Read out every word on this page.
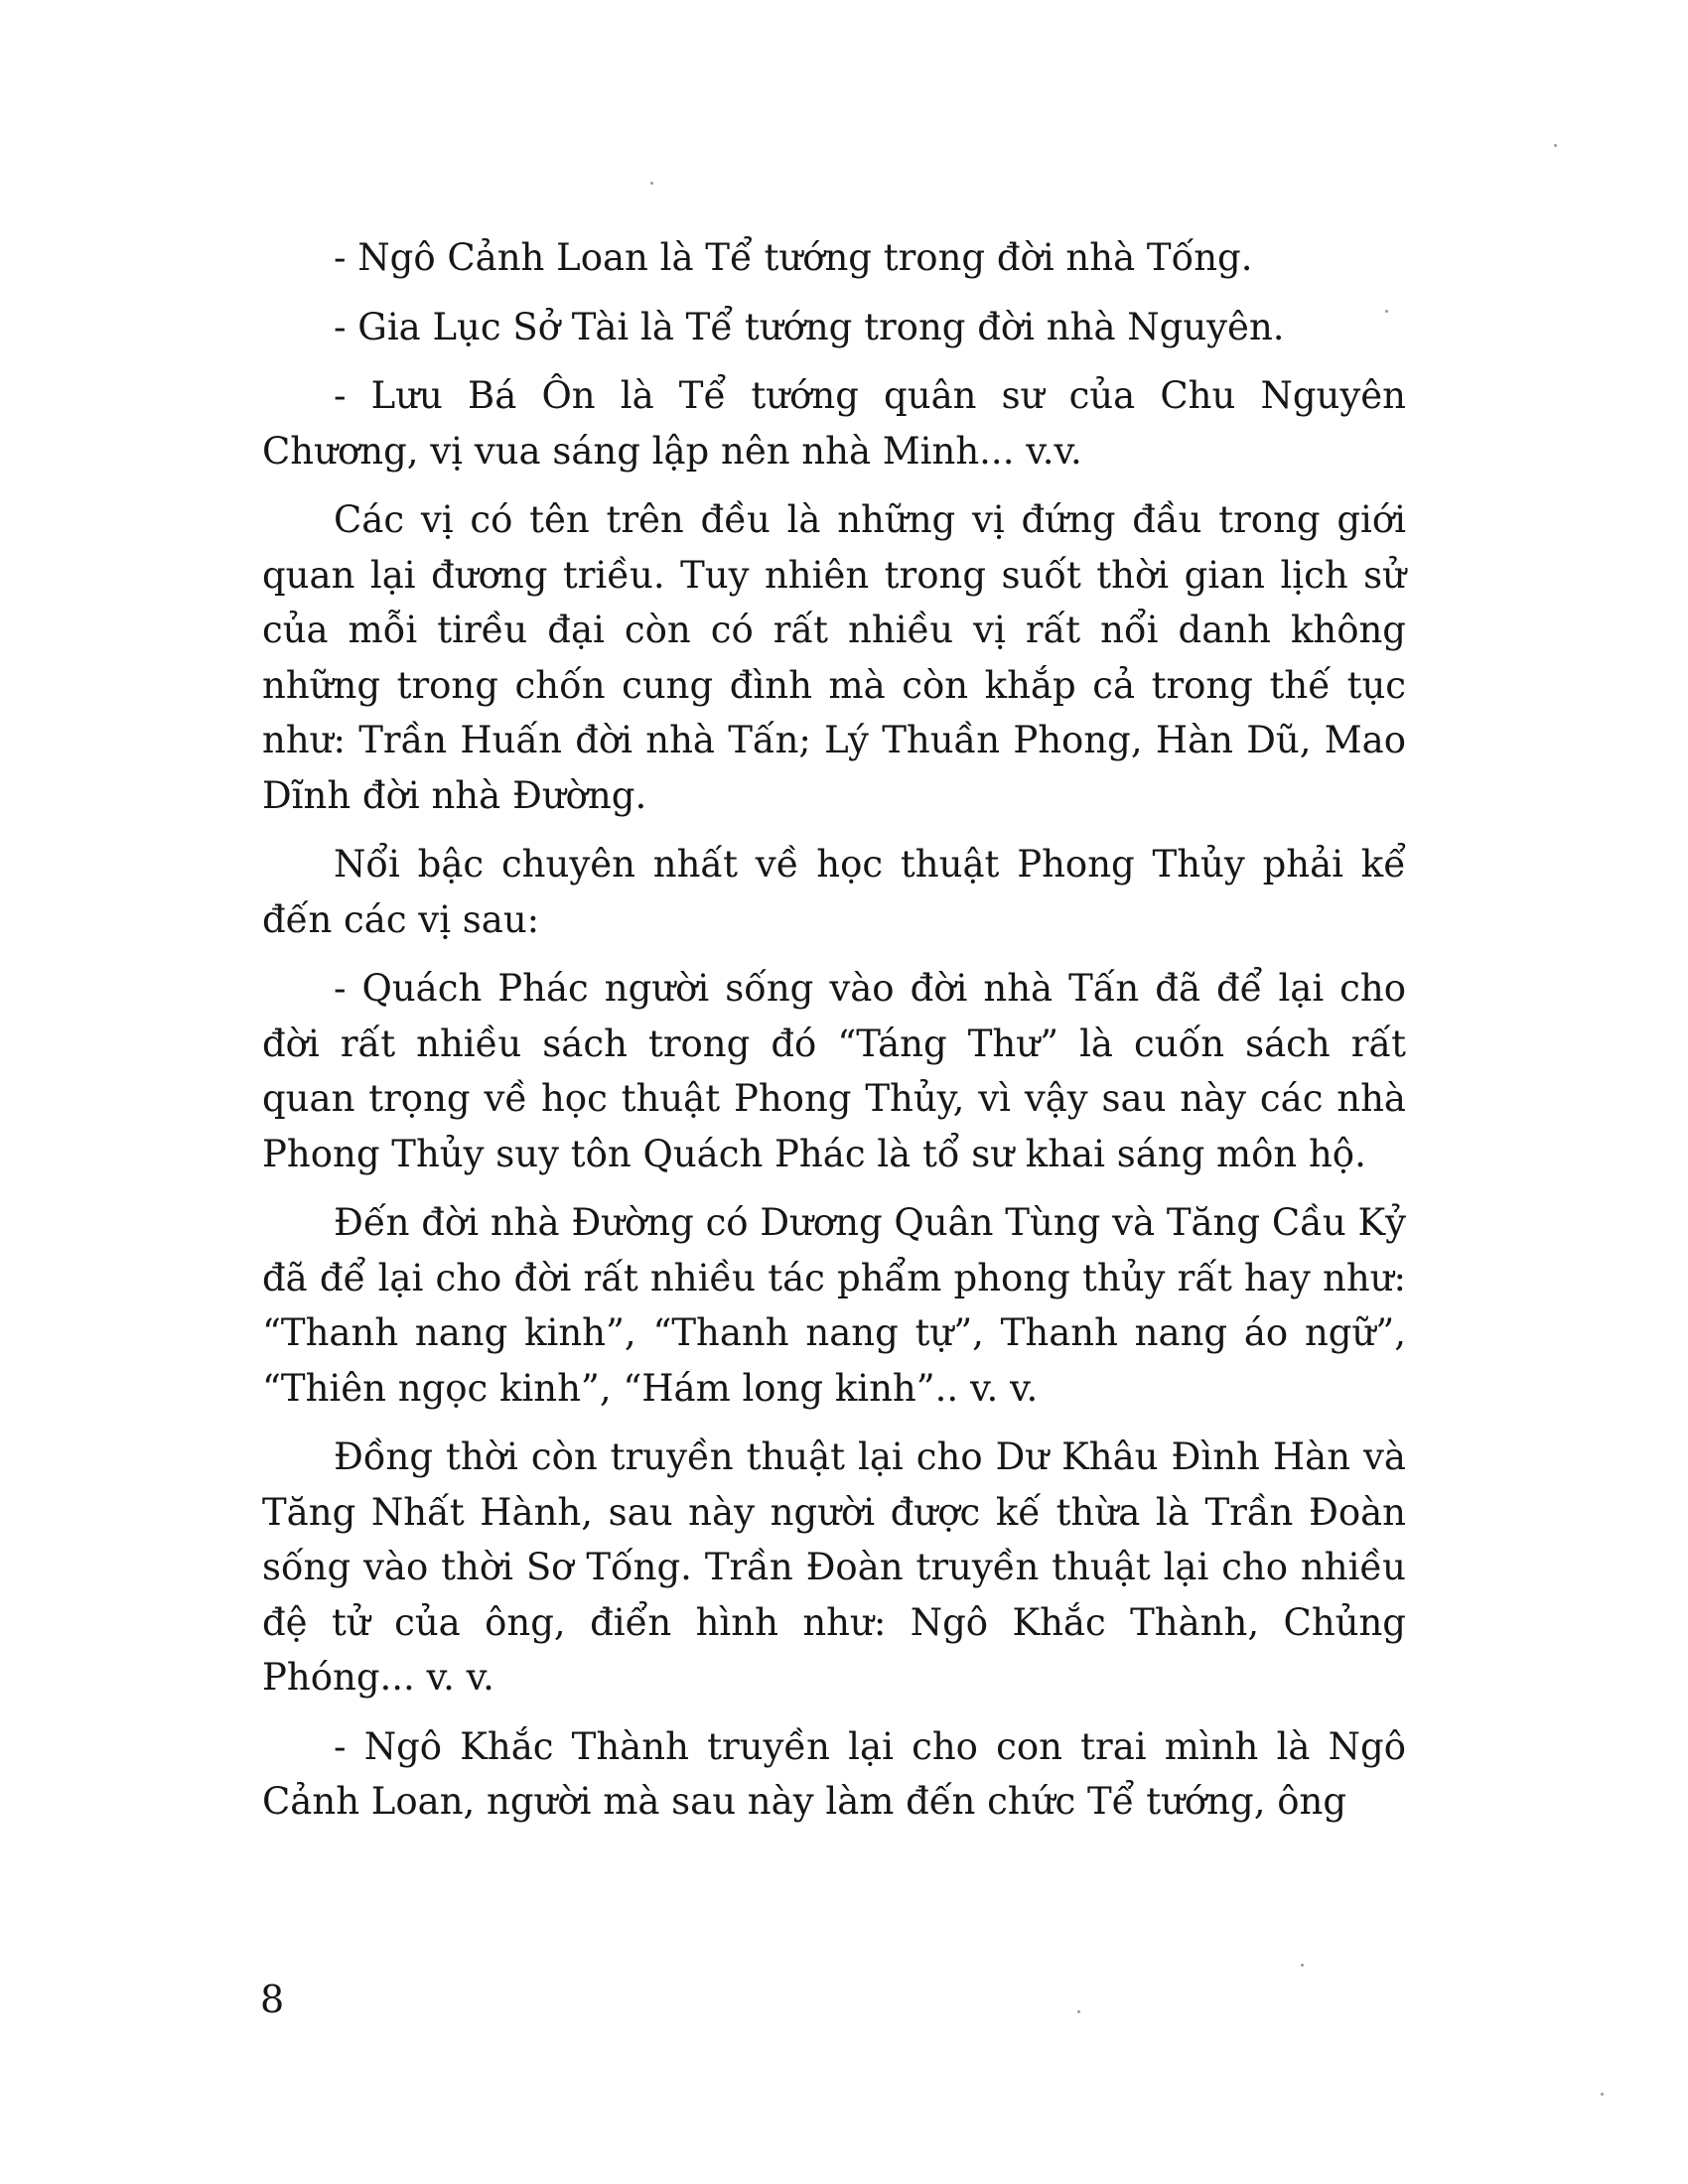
- Ngô Cảnh Loan là Tể tướng trong đời nhà Tống.

- Gia Lục Sở Tài là Tể tướng trong đời nhà Nguyên.

- Lưu Bá Ôn là Tể tướng quân sư của Chu Nguyên Chương, vị vua sáng lập nên nhà Minh... v.v.

Các vị có tên trên đều là những vị đứng đầu trong giới quan lại đương triều. Tuy nhiên trong suốt thời gian lịch sử của mỗi tirều đại còn có rất nhiều vị rất nổi danh không những trong chốn cung đình mà còn khắp cả trong thế tục như: Trần Huấn đời nhà Tấn; Lý Thuần Phong, Hàn Dũ, Mao Dĩnh đời nhà Đường.

Nổi bậc chuyên nhất về học thuật Phong Thủy phải kể đến các vị sau:

- Quách Phác người sống vào đời nhà Tấn đã để lại cho đời rất nhiều sách trong đó “Táng Thư” là cuốn sách rất quan trọng về học thuật Phong Thủy, vì vậy sau này các nhà Phong Thủy suy tôn Quách Phác là tổ sư khai sáng môn hộ.

Đến đời nhà Đường có Dương Quân Tùng và Tăng Cầu Kỷ đã để lại cho đời rất nhiều tác phẩm phong thủy rất hay như: “Thanh nang kinh”, “Thanh nang tự”, Thanh nang áo ngữ”, “Thiên ngọc kinh”, “Hám long kinh”.. v. v.

Đồng thời còn truyền thuật lại cho Dư Khâu Đình Hàn và Tăng Nhất Hành, sau này người được kế thừa là Trần Đoàn sống vào thời Sơ Tống. Trần Đoàn truyền thuật lại cho nhiều đệ tử của ông, điển hình như: Ngô Khắc Thành, Chủng Phóng... v. v.

- Ngô Khắc Thành truyền lại cho con trai mình là Ngô Cảnh Loan, người mà sau này làm đến chức Tể tướng, ông

8
